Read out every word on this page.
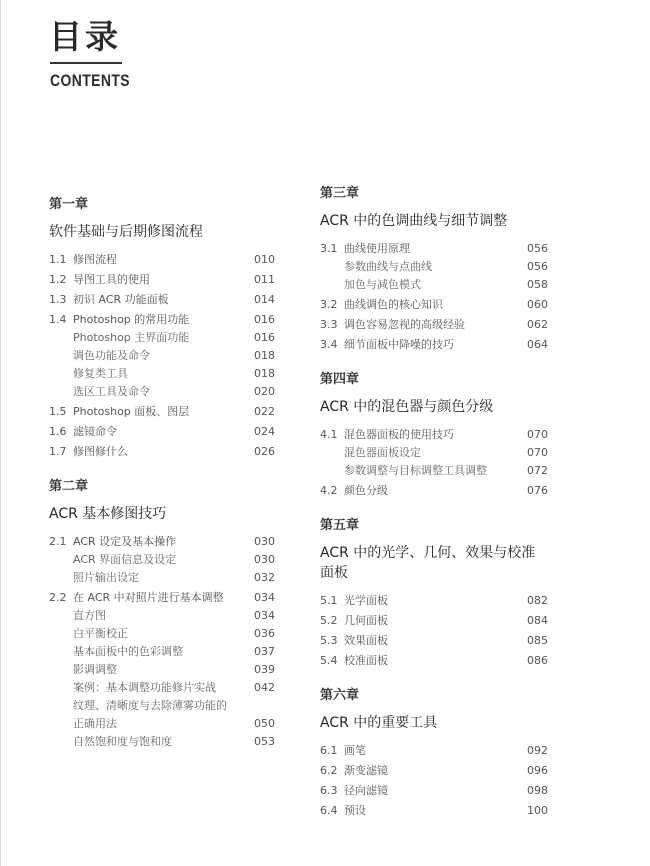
目录
CONTENTS
第一章
软件基础与后期修图流程
1.1 修图流程	010
1.2 导图工具的使用	011
1.3 初识 ACR 功能面板	014
1.4 Photoshop 的常用功能	016
Photoshop 主界面功能	016
调色功能及命令	018
修复类工具	018
选区工具及命令	020
1.5 Photoshop 面板、图层	022
1.6 滤镜命令	024
1.7 修图修什么	026
第二章
ACR 基本修图技巧
2.1 ACR 设定及基本操作	030
ACR 界面信息及设定	030
照片输出设定	032
2.2 在 ACR 中对照片进行基本调整	034
直方图	034
白平衡校正	036
基本面板中的色彩调整	037
影调调整	039
案例：基本调整功能修片实战	042
纹理、清晰度与去除薄雾功能的
正确用法	050
自然饱和度与饱和度	053
第三章
ACR 中的色调曲线与细节调整
3.1 曲线使用原理	056
参数曲线与点曲线	056
加色与减色模式	058
3.2 曲线调色的核心知识	060
3.3 调色容易忽视的高级经验	062
3.4 细节面板中降噪的技巧	064
第四章
ACR 中的混色器与颜色分级
4.1 混色器面板的使用技巧	070
混色器面板设定	070
参数调整与目标调整工具调整	072
4.2 颜色分级	076
第五章
ACR 中的光学、几何、效果与校准面板
5.1 光学面板	082
5.2 几何面板	084
5.3 效果面板	085
5.4 校准面板	086
第六章
ACR 中的重要工具
6.1 画笔	092
6.2 渐变滤镜	096
6.3 径向滤镜	098
6.4 预设	100
